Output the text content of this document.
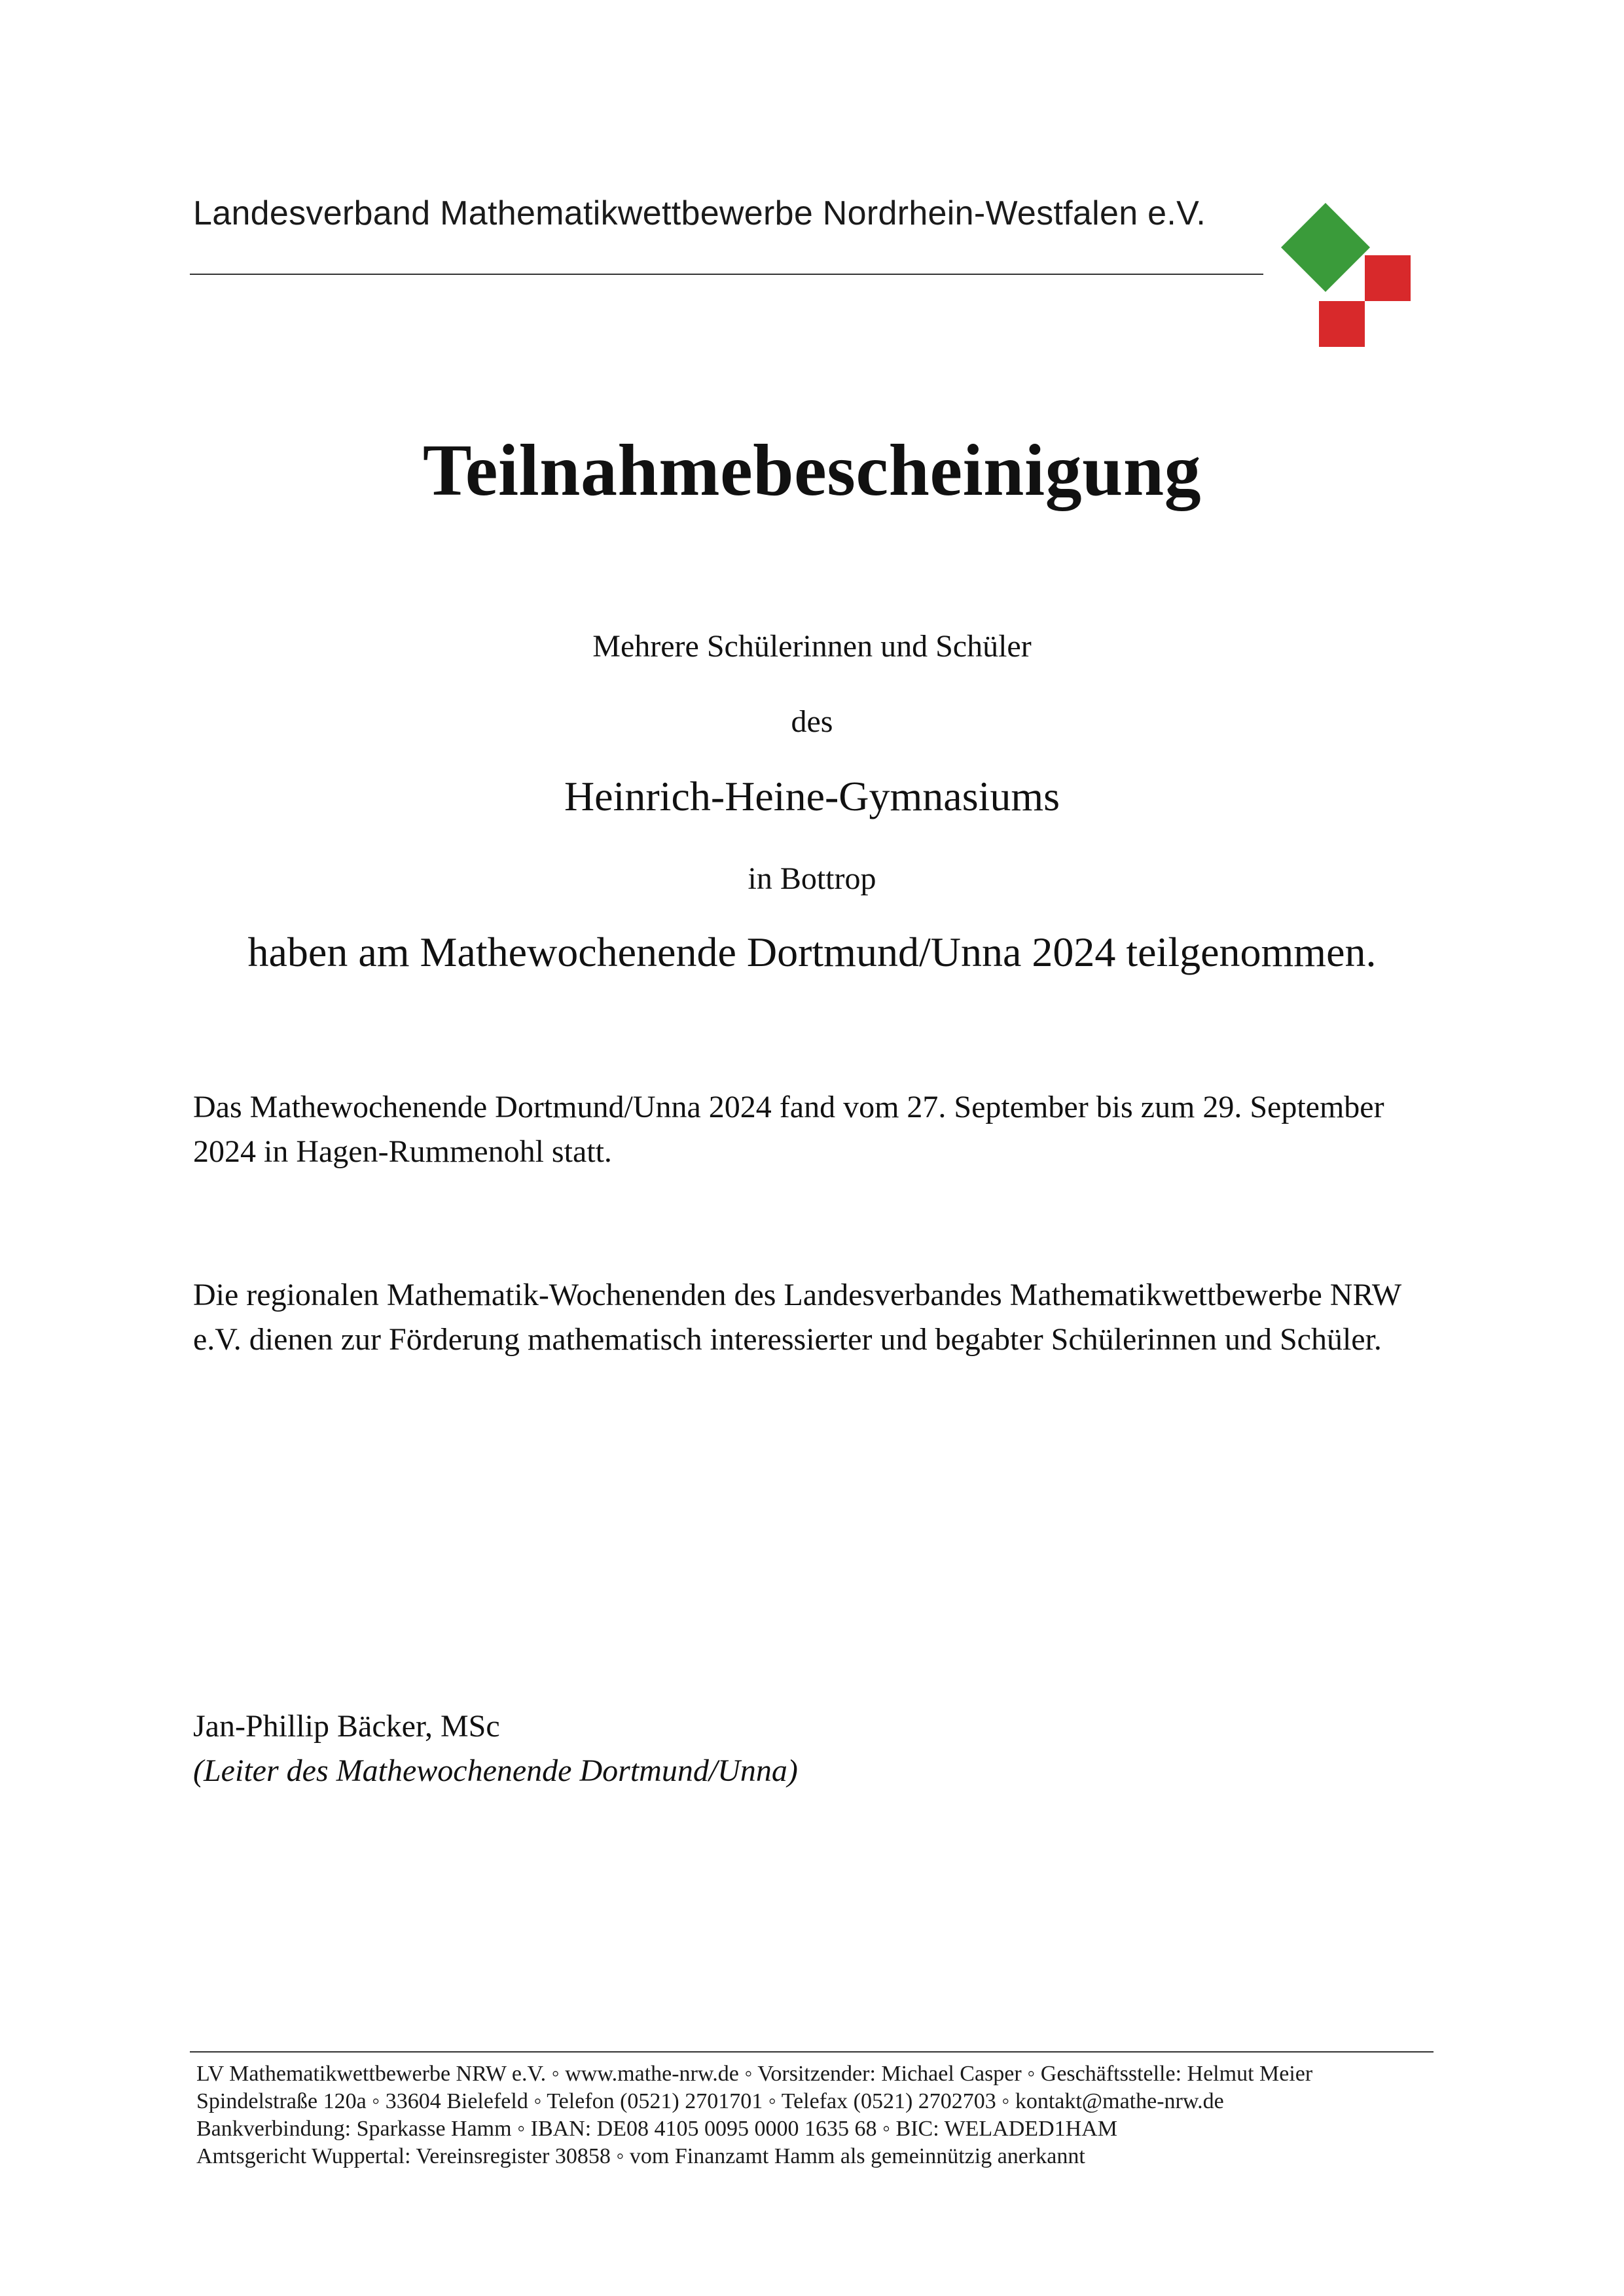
Landesverband Mathematikwettbewerbe Nordrhein-Westfalen e.V.
Teilnahmebescheinigung
Mehrere Schülerinnen und Schüler
des
Heinrich-Heine-Gymnasiums
in Bottrop
haben am Mathewochenende Dortmund/Unna 2024 teilgenommen.
Das Mathewochenende Dortmund/Unna 2024 fand vom 27. September bis zum 29. September 2024 in Hagen-Rummenohl statt.
Die regionalen Mathematik-Wochenenden des Landesverbandes Mathematikwettbewerbe NRW e.V. dienen zur Förderung mathematisch interessierter und begabter Schülerinnen und Schüler.
Jan-Phillip Bäcker, MSc
(Leiter des Mathewochenende Dortmund/Unna)
LV Mathematikwettbewerbe NRW e.V. ◦ www.mathe-nrw.de ◦ Vorsitzender: Michael Casper ◦ Geschäftsstelle: Helmut Meier
Spindelstraße 120a ◦ 33604 Bielefeld ◦ Telefon (0521) 2701701 ◦ Telefax (0521) 2702703 ◦ kontakt@mathe-nrw.de
Bankverbindung: Sparkasse Hamm ◦ IBAN: DE08 4105 0095 0000 1635 68 ◦ BIC: WELADED1HAM
Amtsgericht Wuppertal: Vereinsregister 30858 ◦ vom Finanzamt Hamm als gemeinnützig anerkannt
